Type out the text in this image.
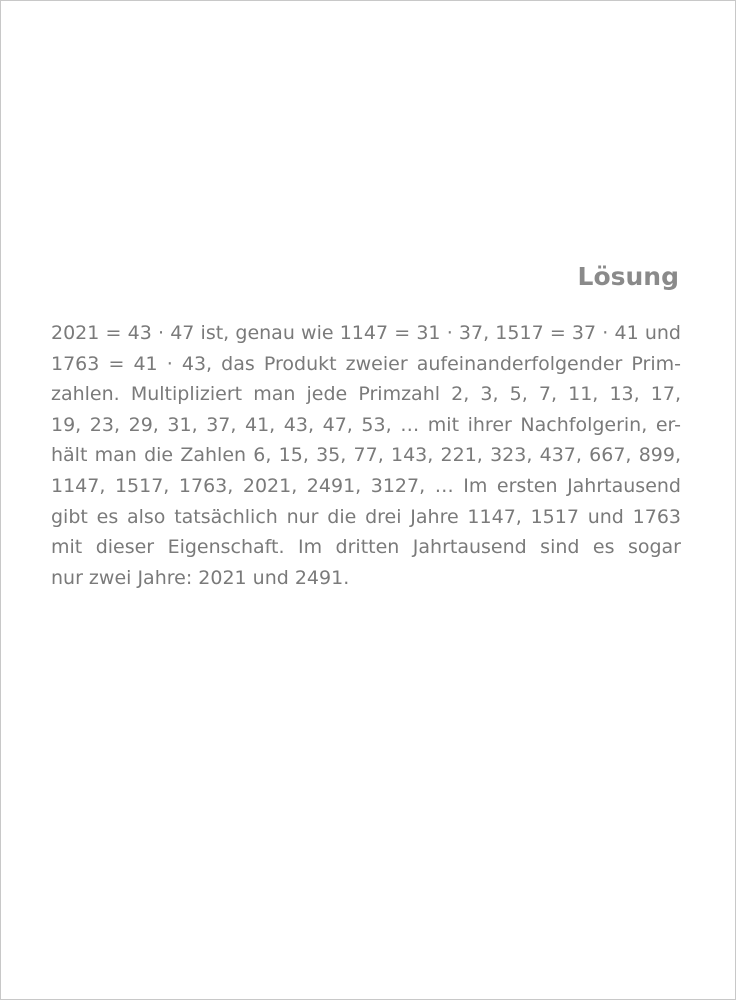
Lösung
2021 = 43 · 47 ist, genau wie 1147 = 31 · 37, 1517 = 37 · 41 und
1763 = 41 · 43, das Produkt zweier aufeinanderfolgender Prim-
zahlen. Multipliziert man jede Primzahl 2, 3, 5, 7, 11, 13, 17,
19, 23, 29, 31, 37, 41, 43, 47, 53, … mit ihrer Nachfolgerin, er-
hält man die Zahlen 6, 15, 35, 77, 143, 221, 323, 437, 667, 899,
1147, 1517, 1763, 2021, 2491, 3127, … Im ersten Jahrtausend
gibt es also tatsächlich nur die drei Jahre 1147, 1517 und 1763
mit dieser Eigenschaft. Im dritten Jahrtausend sind es sogar
nur zwei Jahre: 2021 und 2491.
